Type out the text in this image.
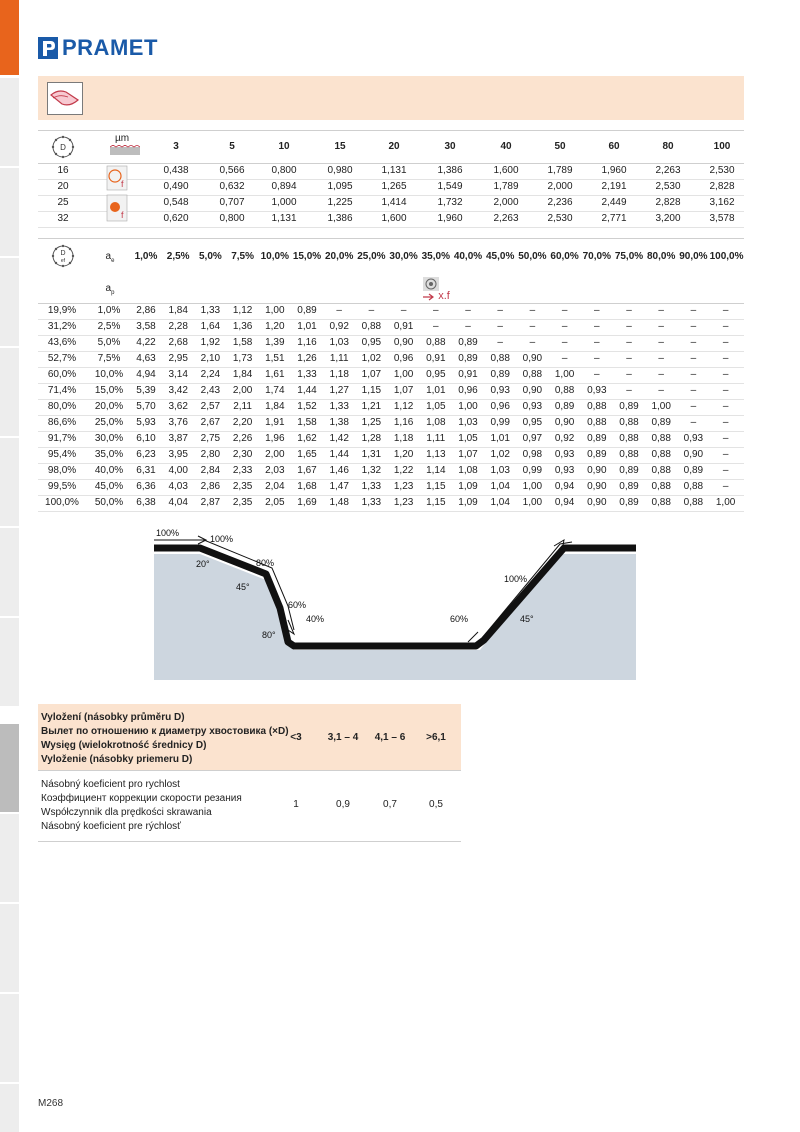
PRAMET
D
µm
3	5	10	15	20	30	40	50	60	80	100
16	0,438	0,566	0,800	0,980	1,131	1,386	1,600	1,789	1,960	2,263	2,530
20	0,490	0,632	0,894	1,095	1,265	1,549	1,789	2,000	2,191	2,530	2,828
25	0,548	0,707	1,000	1,225	1,414	1,732	2,000	2,236	2,449	2,828	3,162
32	0,620	0,800	1,131	1,386	1,600	1,960	2,263	2,530	2,771	3,200	3,578
f
f
D
ef	$a_e$	1,0% 2,5% 5,0% 7,5% 10,0% 15,0% 20,0% 25,0% 30,0% 35,0% 40,0% 45,0% 50,0% 60,0% 70,0% 75,0% 80,0% 90,0% 100,0%
$a_p$	x.f
19,9%	1,0%	2,86	1,84	1,33	1,12	1,00	0,89	–	–	–	–	–	–	–	–	–	–	–	–	–
31,2%	2,5%	3,58	2,28	1,64	1,36	1,20	1,01	0,92	0,88	0,91	–	–	–	–	–	–	–	–	–	–
43,6%	5,0%	4,22	2,68	1,92	1,58	1,39	1,16	1,03	0,95	0,90	0,88	0,89	–	–	–	–	–	–	–	–
52,7%	7,5%	4,63	2,95	2,10	1,73	1,51	1,26	1,11	1,02	0,96	0,91	0,89	0,88	0,90	–	–	–	–	–	–
60,0%	10,0%	4,94	3,14	2,24	1,84	1,61	1,33	1,18	1,07	1,00	0,95	0,91	0,89	0,88	1,00	–	–	–	–	–
71,4%	15,0%	5,39	3,42	2,43	2,00	1,74	1,44	1,27	1,15	1,07	1,01	0,96	0,93	0,90	0,88	0,93	–	–	–	–
80,0%	20,0%	5,70	3,62	2,57	2,11	1,84	1,52	1,33	1,21	1,12	1,05	1,00	0,96	0,93	0,89	0,88	0,89	1,00	–	–
86,6%	25,0%	5,93	3,76	2,67	2,20	1,91	1,58	1,38	1,25	1,16	1,08	1,03	0,99	0,95	0,90	0,88	0,88	0,89	–	–
91,7%	30,0%	6,10	3,87	2,75	2,26	1,96	1,62	1,42	1,28	1,18	1,11	1,05	1,01	0,97	0,92	0,89	0,88	0,88	0,93	–
95,4%	35,0%	6,23	3,95	2,80	2,30	2,00	1,65	1,44	1,31	1,20	1,13	1,07	1,02	0,98	0,93	0,89	0,88	0,88	0,90	–
98,0%	40,0%	6,31	4,00	2,84	2,33	2,03	1,67	1,46	1,32	1,22	1,14	1,08	1,03	0,99	0,93	0,90	0,89	0,88	0,89	–
99,5%	45,0%	6,36	4,03	2,86	2,35	2,04	1,68	1,47	1,33	1,23	1,15	1,09	1,04	1,00	0,94	0,90	0,89	0,88	0,88	–
100,0%	50,0%	6,38	4,04	2,87	2,35	2,05	1,69	1,48	1,33	1,23	1,15	1,09	1,04	1,00	0,94	0,90	0,89	0,88	0,88	1,00
100%
100%
20°	80%
45°
60%
40%
80°
60%
100%
45°
Vyložení (násobky průměru D)
Вылет по отношению к диаметру хвостовика (×D)
Wysięg (wielokrotność średnicy D)
Vyloženie (násobky priemeru D)
<3	3,1 – 4	4,1 – 6	>6,1
Násobný koeficient pro rychlost
Коэффициент коррекции скорости резания
Współczynnik dla prędkości skrawania
Násobný koeficient pre rýchlosť
1	0,9	0,7	0,5
M268
